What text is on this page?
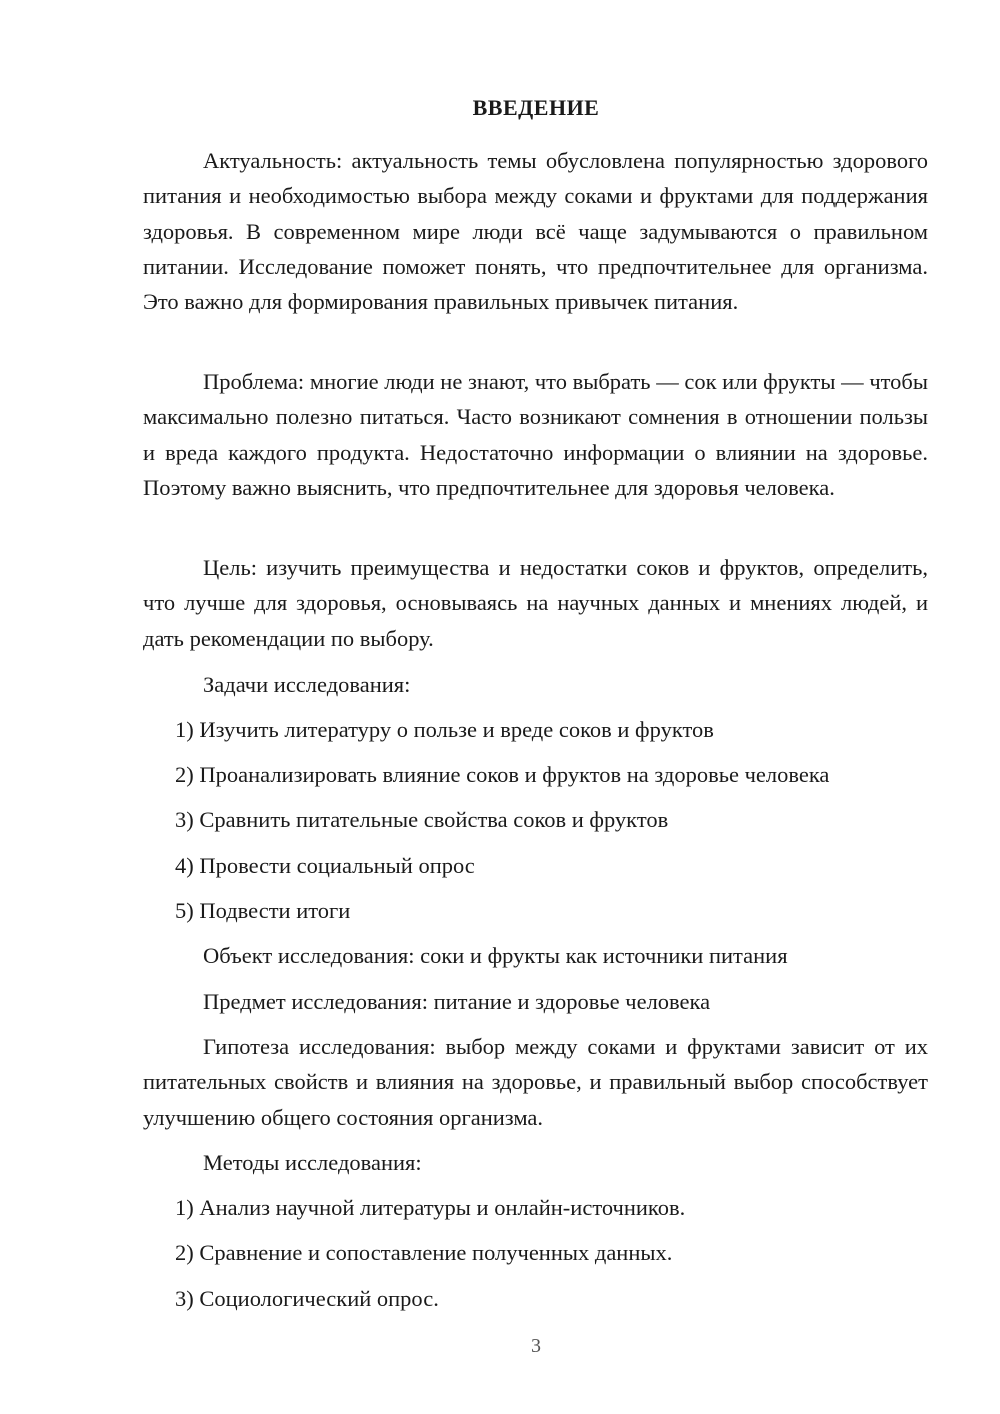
ВВЕДЕНИЕ

Актуальность: актуальность темы обусловлена популярностью здорового питания и необходимостью выбора между соками и фруктами для поддержания здоровья. В современном мире люди всё чаще задумываются о правильном питании. Исследование поможет понять, что предпочтительнее для организма. Это важно для формирования правильных привычек питания.

Проблема: многие люди не знают, что выбрать — сок или фрукты — чтобы максимально полезно питаться. Часто возникают сомнения в отношении пользы и вреда каждого продукта. Недостаточно информации о влиянии на здоровье. Поэтому важно выяснить, что предпочтительнее для здоровья человека.

Цель: изучить преимущества и недостатки соков и фруктов, определить, что лучше для здоровья, основываясь на научных данных и мнениях людей, и дать рекомендации по выбору.

Задачи исследования:

1) Изучить литературу о пользе и вреде соков и фруктов

2) Проанализировать влияние соков и фруктов на здоровье человека

3) Сравнить питательные свойства соков и фруктов

4) Провести социальный опрос

5) Подвести итоги

Объект исследования: соки и фрукты как источники питания

Предмет исследования: питание и здоровье человека

Гипотеза исследования: выбор между соками и фруктами зависит от их питательных свойств и влияния на здоровье, и правильный выбор способствует улучшению общего состояния организма.

Методы исследования:

1) Анализ научной литературы и онлайн-источников.

2) Сравнение и сопоставление полученных данных.

3) Социологический опрос.

3
